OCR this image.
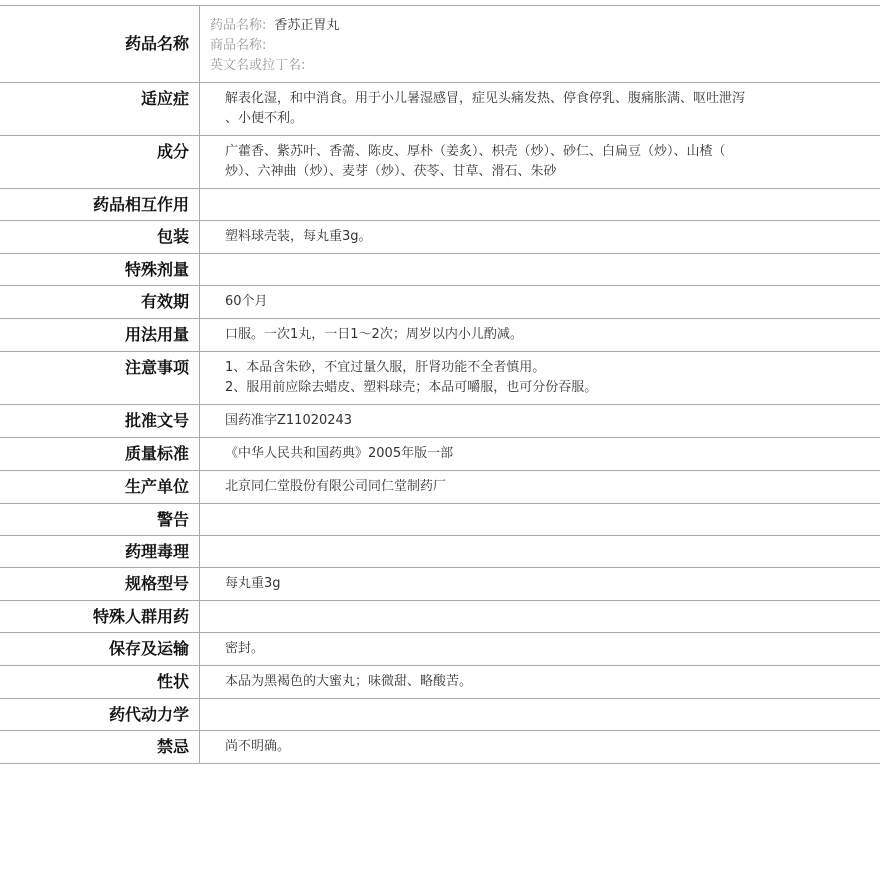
药品名称	药品名称: 香苏正胃丸
商品名称:
英文名或拉丁名:

适应症	解表化湿，和中消食。用于小儿暑湿感冒，症见头痛发热、停食停乳、腹痛胀满、呕吐泄泻
、小便不利。

成分	广藿香、紫苏叶、香薷、陈皮、厚朴（姜炙）、枳壳（炒）、砂仁、白扁豆（炒）、山楂（
炒）、六神曲（炒）、麦芽（炒）、茯苓、甘草、滑石、朱砂

药品相互作用	

包装	塑料球壳装，每丸重3g。

特殊剂量	

有效期	60个月

用法用量	口服。一次1丸，一日1～2次；周岁以内小儿酌减。

注意事项	1、本品含朱砂，不宜过量久服，肝肾功能不全者慎用。
2、服用前应除去蜡皮、塑料球壳；本品可嚼服，也可分份吞服。

批准文号	国药准字Z11020243

质量标准	《中华人民共和国药典》2005年版一部

生产单位	北京同仁堂股份有限公司同仁堂制药厂

警告	

药理毒理	

规格型号	每丸重3g

特殊人群用药	

保存及运输	密封。

性状	本品为黑褐色的大蜜丸；味微甜、略酸苦。

药代动力学	

禁忌	尚不明确。
